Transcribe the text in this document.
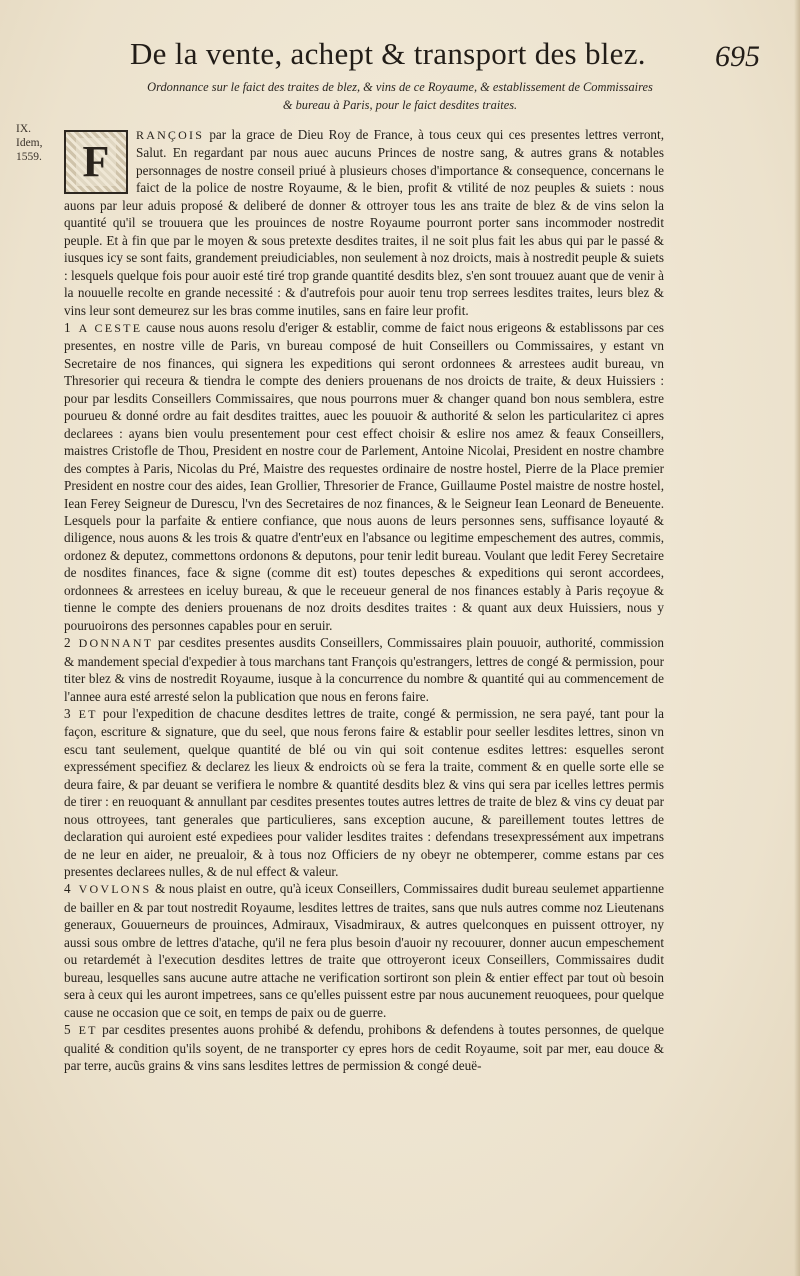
De la vente, achept & transport des blez. 695
Ordonnance sur le faict des traites de blez, & vins de ce Royaume, & establissement de Commissaires
& bureau à Paris, pour le faict desdites traites.
IX.
Idem, 1559. F
RANÇOIS par la grace de Dieu Roy de France, à tous ceux qui ces presentes lettres verront, Salut. En regardant par nous auec aucuns Princes de nostre sang, & autres grans & notables personnages de nostre conseil priué à plusieurs choses d'importance & consequence, concernans le faict de la police de nostre Royaume, & le bien, profit & vtilité de noz peuples & suiets : nous auons par leur aduis proposé & deliberé de donner & ottroyer tous les ans traite de blez & de vins selon la quantité qu'il se trouuera que les prouinces de nostre Royaume pourront porter sans incommoder nostredit peuple. Et à fin que par le moyen & sous pretexte desdites traites, il ne soit plus fait les abus qui par le passé & iusques icy se sont faits, grandement preiudiciables, non seulement à noz droicts, mais à nostredit peuple & suiets : lesquels quelque fois pour auoir esté tiré trop grande quantité desdits blez, s'en sont trouuez auant que de venir à la nouuelle recolte en grande necessité : & d'autrefois pour auoir tenu trop serrees lesdites traites, leurs blez & vins leur sont demeurez sur les bras comme inutiles, sans en faire leur profit.

1 A CESTE cause nous auons resolu d'eriger & establir, comme de faict nous erigeons & establissons par ces presentes, en nostre ville de Paris, vn bureau composé de huit Conseillers ou Commissaires, y estant vn Secretaire de nos finances, qui signera les expeditions qui seront ordonnees & arrestees audit bureau, vn Thresorier qui receura & tiendra le compte des deniers prouenans de nos droicts de traite, & deux Huissiers : pour par lesdits Conseillers Commissaires, que nous pourrons muer & changer quand bon nous semblera, estre pourueu & donné ordre au fait desdites traittes, auec les pouuoir & authorité & selon les particularitez ci apres declarees : ayans bien voulu presentement pour cest effect choisir & eslire nos amez & feaux Conseillers, maistres Cristofle de Thou, President en nostre cour de Parlement, Antoine Nicolai, President en nostre chambre des comptes à Paris, Nicolas du Pré, Maistre des requestes ordinaire de nostre hostel, Pierre de la Place premier President en nostre cour des aides, Iean Grollier, Thresorier de France, Guillaume Postel maistre de nostre hostel, Iean Ferey Seigneur de Durescu, l'vn des Secretaires de noz finances, & le Seigneur Iean Leonard de Beneuente. Lesquels pour la parfaite & entiere confiance, que nous auons de leurs personnes sens, suffisance loyauté & diligence, nous auons & les trois & quatre d'entr'eux en l'absance ou legitime empeschement des autres, commis, ordonez & deputez, commettons ordonons & deputons, pour tenir ledit bureau. Voulant que ledit Ferey Secretaire de nosdites finances, face & signe (comme dit est) toutes depesches & expeditions qui seront accordees, ordonnees & arrestees en iceluy bureau, & que le receueur general de nos finances estably à Paris reçoyue & tienne le compte des deniers prouenans de noz droits desdites traites : & quant aux deux Huissiers, nous y pouruoirons des personnes capables pour en seruir.

2 DONNANT par cesdites presentes ausdits Conseillers, Commissaires plain pouuoir, authorité, commission & mandement special d'expedier à tous marchans tant François qu'estrangers, lettres de congé & permission, pour titer blez & vins de nostredit Royaume, iusque à la concurrence du nombre & quantité qui au commencement de l'annee aura esté arresté selon la publication que nous en ferons faire.

3 ET pour l'expedition de chacune desdites lettres de traite, congé & permission, ne sera payé, tant pour la façon, escriture & signature, que du seel, que nous ferons faire & establir pour seeller lesdites lettres, sinon vn escu tant seulement, quelque quantité de blé ou vin qui soit contenue esdites lettres: esquelles seront expressément specifiez & declarez les lieux & endroicts où se fera la traite, comment & en quelle sorte elle se deura faire, & par deuant se verifiera le nombre & quantité desdits blez & vins qui sera par icelles lettres permis de tirer : en reuoquant & annullant par cesdites presentes toutes autres lettres de traite de blez & vins cy deuat par nous ottroyees, tant generales que particulieres, sans exception aucune, & pareillement toutes lettres de declaration qui auroient esté expediees pour valider lesdites traites : defendans tresexpressément aux impetrans de ne leur en aider, ne preualoir, & à tous noz Officiers de ny obeyr ne obtemperer, comme estans par ces presentes declarees nulles, & de nul effect & valeur.

4 VOVLONS & nous plaist en outre, qu'à iceux Conseillers, Commissaires dudit bureau seulemet appartienne de bailler en & par tout nostredit Royaume, lesdites lettres de traites, sans que nuls autres comme noz Lieutenans generaux, Gouuerneurs de prouinces, Admiraux, Visadmiraux, & autres quelconques en puissent ottroyer, ny aussi sous ombre de lettres d'atache, qu'il ne fera plus besoin d'auoir ny recouurer, donner aucun empeschement ou retardemét à l'execution desdites lettres de traite que ottroyeront iceux Conseillers, Commissaires dudit bureau, lesquelles sans aucune autre attache ne verification sortiront son plein & entier effect par tout où besoin sera à ceux qui les auront impetrees, sans ce qu'elles puissent estre par nous aucunement reuoquees, pour quelque cause ne occasion que ce soit, en temps de paix ou de guerre.

5 ET par cesdites presentes auons prohibé & defendu, prohibons & defendens à toutes personnes, de quelque qualité & condition qu'ils soyent, de ne transporter cy epres hors de cedit Royaume, soit par mer, eau douce & par terre, aucũs grains & vins sans lesdites lettres de permission & congé deuë-
